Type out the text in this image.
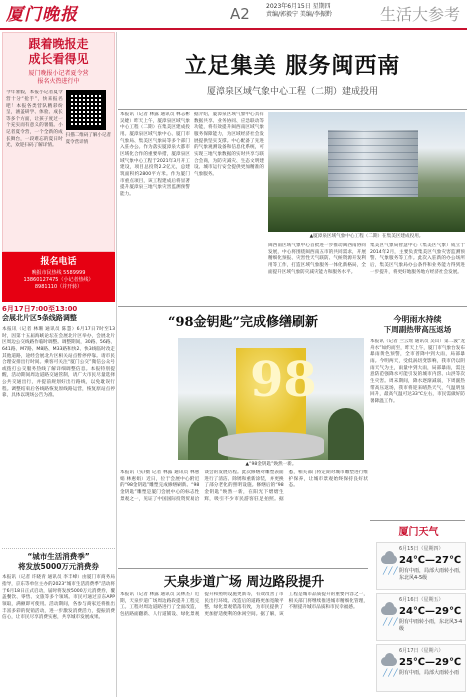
厦门晚报	A2	2023年6月15日 星期四
责编/郭毅宁 美编/李振黔	生活大参考
跟着晚报走
成长看得见
厦门晚报小记者夏令营
报名火热进行中
今年暑假，本报小记者夏令营十分“抢手”，快来报名吧！本报各类营队精彩纷呈，涵盖研学、体验、成长等多个方面，让孩子度过一个充实而有意义的暑假。小记者夏令营，一个全新的成长舞台，一段难忘的夏日时光，欢迎扫码了解详情。
扫描二维码了解小记者夏令营详情
报名电话
晚报市民热线 5589999
13860127475（小记者热线）
8981110（并开转）
6月17日7:00至13:00
会展北片区5条线路调整
本报讯（记者 林珊 通讯员 陈慧）6月17日7时至13时，因第十五届海峡论坛在会展北片区举办，会展北片区周边公交线路作临时调整。调整期间，30路、56路、641路、M7路、M8路、M33路和快2、快3线临时改走其他道路，途经会展北片区相关站点暂停停靠。请市民合理安排出行时间。乘客可关注“厦门公交”微信公众号或拨打公交服务热线了解详细调整信息。本报特别提醒，活动期间周边道路交通管制，请广大市民尽量选择公共交通出行，并提前规划好出行路线，以免耽误行程。调整结束后各线路恢复原线路运营，恢复原站点停靠，具体以现场公告为准。
“城市生活消费季”
将发放5000万元消费券
本报讯（记者 许晓青 通讯员 李丰峰）由厦门市商务局指导，京东等单位主办的2023“城市生活消费季”活动将于6月18日正式启动，届时将发放5000万元消费券，覆盖餐饮、零售、文旅等多个领域。市民可通过京东APP领取，满额即可使用。活动期间，各参与商家还将推出丰富多彩的促销活动，进一步激发消费活力，提振消费信心，让市民尽享消费实惠，共享城市发展成果。
立足集美 服务闽西南
厦漳泉区域气象中心工程（二期）建成投用
本报讯（记者 林露 通讯员 林志彬 吴婕）昨天上午，厦漳泉区域气象中心工程（二期）在集美区建成投用。厦漳泉区域气象中心、厦门市气象局、集美区气象局等多个部门入驻办公。作为落实厦漳泉大都市区域化合作的重要举措，厦漳泉区域气象中心工程于2021年3月开工建设，项目总投资2.2亿元，总建筑面积约2800平方米。作为厦门市重点项目，该工程建成后将显著提升厦漳泉三地气象灾害监测预警能力。
据介绍，厦漳泉区域气象中心具有数据共享、业务协同、应急联动等功能，将有效提升闽西南区域气象服务保障能力，为区域经济社会发展提供坚实支撑。中心配备了先进的气象观测设备和信息化系统，可实现三地气象数据的实时共享与联合会商，为防灾减灾、生态文明建设、城市运行安全提供更加精准的气象服务。
▲厦漳泉区域气象中心工程（二期）在集美区建成投用。
闽西南区域气象中心首批进一步推动闽西南协同发展，中心将围绕闽西南五市的共同需求，开展精细化预报、灾害性天气联防、气候资源开发利用等工作，打造区域气象服务一体化新格局，全面提升区域气象防灾减灾能力和服务水平。
集美区气象局智慧中心（集美区气象）成立于2014年2月，主要负责集美区气象灾害监测预警、气象服务等工作。此次入驻新的办公场所后，集美区气象局办公条件和业务能力得到进一步提升，将更好地服务地方经济社会发展。
“98金钥匙”完成修缮刷新
98
▲“98金钥匙”焕然一新。
本报讯（实/摄 记者 林露 通讯员 林惠娟 林惠娟）近日，位于会展中心附近的“98金钥匙”雕塑完成修缮刷新。“98金钥匙”雕塑是厦门会展中心的标志性景观之一，见证了中国国际投资贸易洽谈会的发展历程。此次修缮对雕塑表面进行了清洁、除锈和重新涂装，并更换了部分老化的照明设施。修缮后的“98金钥匙”焕然一新，在阳光下熠熠生辉，吸引不少市民游客驻足拍照。据悉，相关部门将定期对城市雕塑进行维护保养，让城市景观始终保持良好状态。
今明雨水持续
下周副热带高压返场
本报讯（记者 兰云瑶 通讯员 吴山）第二波“龙舟水”如约而至，昨天上午，厦门市气象台发布暴雨黄色预警，全市普降中到大雨，局部暴雨。今明两天，受低涡切变影响，我市仍以阴雨天气为主，雨量中到大雨，局部暴雨，需注意防范强降水可能引发的城市内涝、山洪等次生灾害。周末期间，降水逐渐减弱，下周副热带高压返场，我市将迎来晴热天气，气温明显回升，最高气温可达33℃左右，市民需做好防暑降温工作。
天泉步道广场 周边路段提升
本报讯（记者 林露 通讯员 吴林杰）近期，天泉步道广场周边路段提升工程完工。工程对周边道路进行了全面改造，包括路面翻新、人行道铺设、绿化景观提升和照明设施更新等，有效改善了市民出行环境。改造后的道路更加宽敞平整，绿化景观错落有致，为市民提供了更加舒适便利的休闲空间。据了解，该工程是城市品质提升的重要内容之一，相关部门将继续推进城市精细化管理，不断提升城市品质和市民幸福感。
厦门天气
╱╱╱
6月15日（星期四）
24℃—27℃
阴有中雨，局部大雨转小雨，东北风4-5级
╱╱╱
6月16日（星期五）
24℃—29℃
阴有中雨转小雨，东北风3-4级
╱╱╱
6月17日（星期六）
25℃—29℃
阴有中雨，局部大雨转小雨
